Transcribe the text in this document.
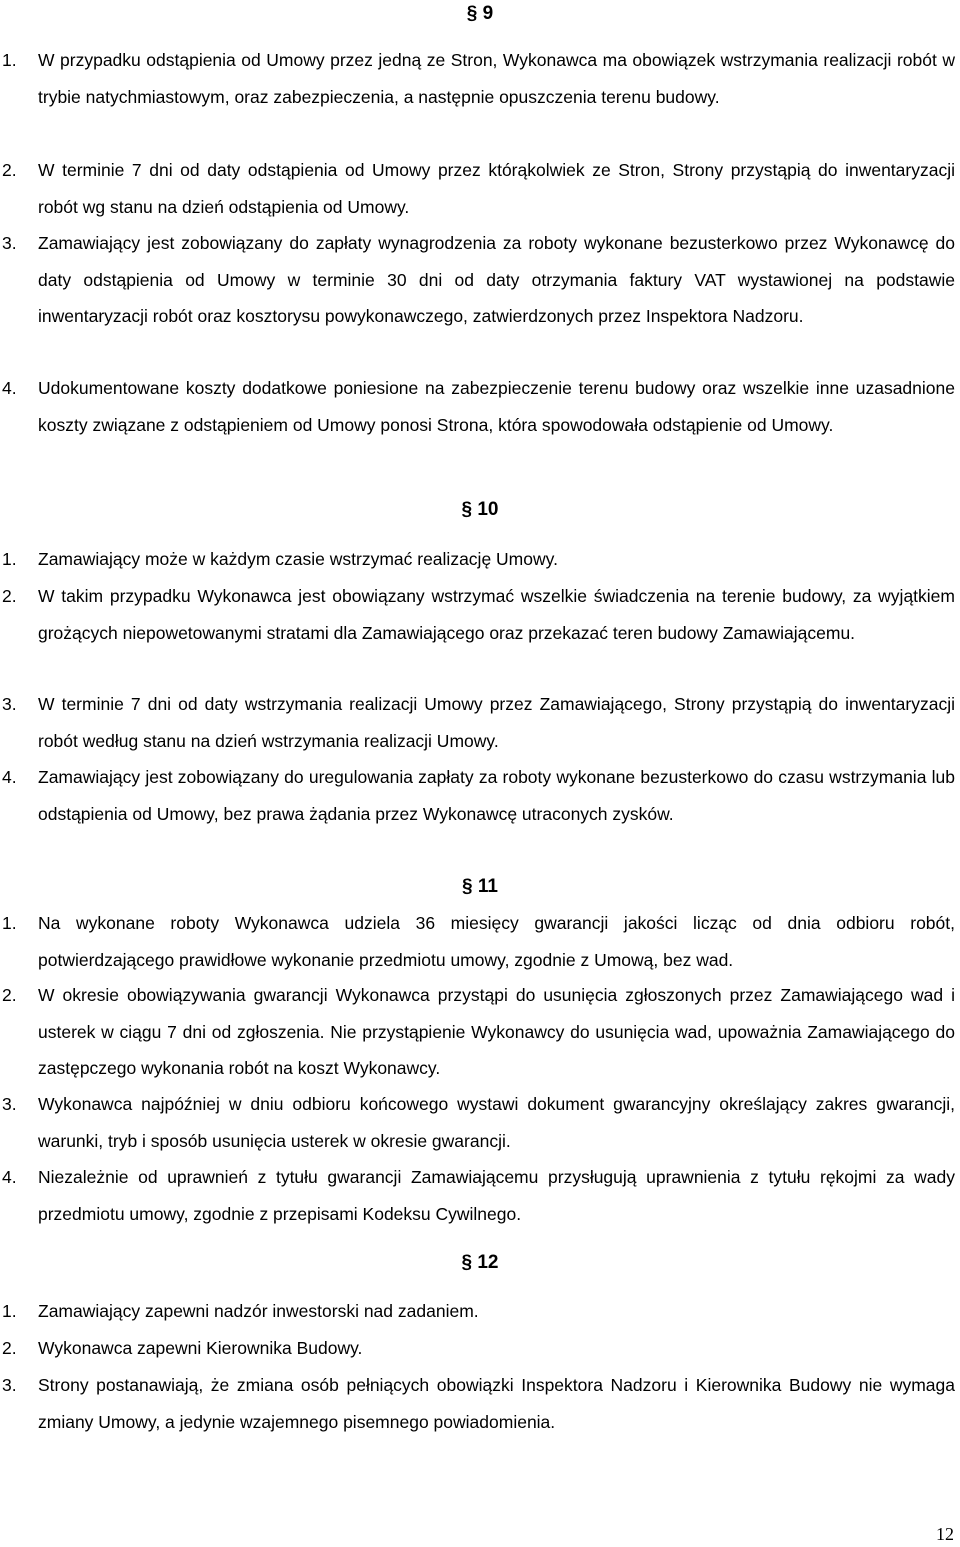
§ 9
1. W przypadku odstąpienia od Umowy przez jedną ze Stron, Wykonawca ma obowiązek wstrzymania realizacji robót w trybie natychmiastowym, oraz zabezpieczenia, a następnie opuszczenia terenu budowy.
2. W terminie 7 dni od daty odstąpienia od Umowy przez którąkolwiek ze Stron, Strony przystąpią do inwentaryzacji robót wg stanu na dzień odstąpienia od Umowy.
3. Zamawiający jest zobowiązany do zapłaty wynagrodzenia za roboty wykonane bezusterkowo przez Wykonawcę do daty odstąpienia od Umowy w terminie 30 dni od daty otrzymania faktury VAT wystawionej na podstawie inwentaryzacji robót oraz kosztorysu powykonawczego, zatwierdzonych przez Inspektora Nadzoru.
4. Udokumentowane koszty dodatkowe poniesione na zabezpieczenie terenu budowy oraz wszelkie inne uzasadnione koszty związane z odstąpieniem od Umowy ponosi Strona, która spowodowała odstąpienie od Umowy.
§ 10
1. Zamawiający może w każdym czasie wstrzymać realizację Umowy.
2. W takim przypadku Wykonawca jest obowiązany wstrzymać wszelkie świadczenia na terenie budowy, za wyjątkiem grożących niepowetowanymi stratami dla Zamawiającego oraz przekazać teren budowy Zamawiającemu.
3. W terminie 7 dni od daty wstrzymania realizacji Umowy przez Zamawiającego, Strony przystąpią do inwentaryzacji robót według stanu na dzień wstrzymania realizacji Umowy.
4. Zamawiający jest zobowiązany do uregulowania zapłaty za roboty wykonane bezusterkowo do czasu wstrzymania lub odstąpienia od Umowy, bez prawa żądania przez Wykonawcę utraconych zysków.
§ 11
1. Na wykonane roboty Wykonawca udziela 36 miesięcy gwarancji jakości licząc od dnia odbioru robót, potwierdzającego prawidłowe wykonanie przedmiotu umowy, zgodnie z Umową, bez wad.
2. W okresie obowiązywania gwarancji Wykonawca przystąpi do usunięcia zgłoszonych przez Zamawiającego wad i usterek w ciągu 7 dni od zgłoszenia. Nie przystąpienie Wykonawcy do usunięcia wad, upoważnia Zamawiającego do zastępczego wykonania robót na koszt Wykonawcy.
3. Wykonawca najpóźniej w dniu odbioru końcowego wystawi dokument gwarancyjny określający zakres gwarancji, warunki, tryb i sposób usunięcia usterek w okresie gwarancji.
4. Niezależnie od uprawnień z tytułu gwarancji Zamawiającemu przysługują uprawnienia z tytułu rękojmi za wady przedmiotu umowy, zgodnie z przepisami Kodeksu Cywilnego.
§ 12
1. Zamawiający zapewni nadzór inwestorski nad zadaniem.
2. Wykonawca zapewni Kierownika Budowy.
3. Strony postanawiają, że zmiana osób pełniących obowiązki Inspektora Nadzoru i Kierownika Budowy nie wymaga zmiany Umowy, a jedynie wzajemnego pisemnego powiadomienia.
12
